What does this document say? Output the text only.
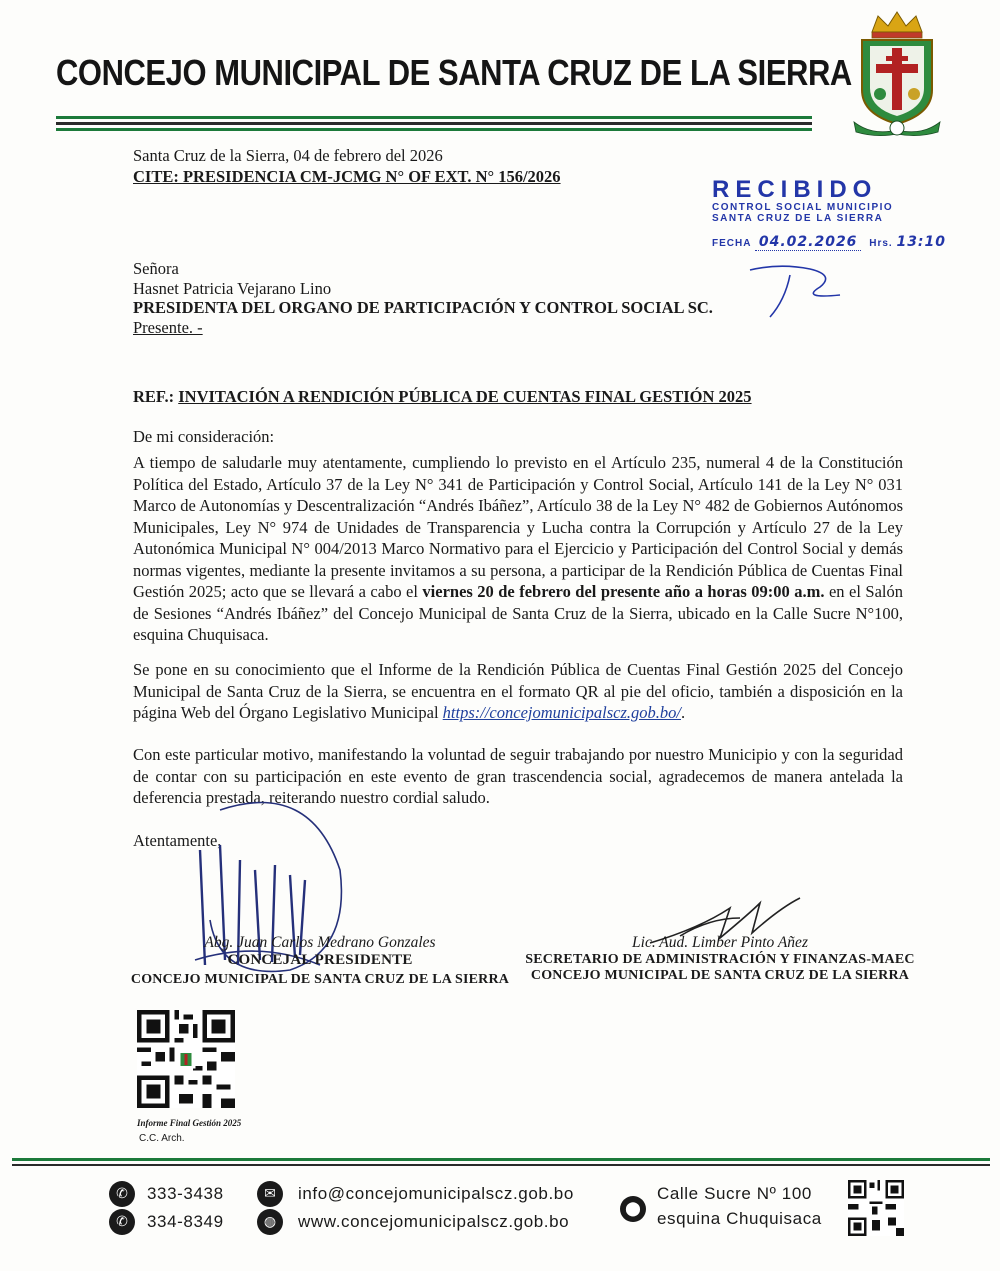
CONCEJO MUNICIPAL DE SANTA CRUZ DE LA SIERRA
Santa Cruz de la Sierra, 04 de febrero del 2026
CITE: PRESIDENCIA CM-JCMG N° OF EXT. N° 156/2026	RECIBIDO
CONTROL SOCIAL MUNICIPIO
SANTA CRUZ DE LA SIERRA
FECHA 04.02.2026 Hrs. 13:10
Señora
Hasnet Patricia Vejarano Lino
PRESIDENTA DEL ORGANO DE PARTICIPACIÓN Y CONTROL SOCIAL SC.
Presente. -
REF.: INVITACIÓN A RENDICIÓN PÚBLICA DE CUENTAS FINAL GESTIÓN 2025
De mi consideración:
A tiempo de saludarle muy atentamente, cumpliendo lo previsto en el Artículo 235, numeral 4 de la Constitución Política del Estado, Artículo 37 de la Ley N° 341 de Participación y Control Social, Artículo 141 de la Ley N° 031 Marco de Autonomías y Descentralización “Andrés Ibáñez”, Artículo 38 de la Ley N° 482 de Gobiernos Autónomos Municipales, Ley N° 974 de Unidades de Transparencia y Lucha contra la Corrupción y Artículo 27 de la Ley Autonómica Municipal N° 004/2013 Marco Normativo para el Ejercicio y Participación del Control Social y demás normas vigentes, mediante la presente invitamos a su persona, a participar de la Rendición Pública de Cuentas Final Gestión 2025; acto que se llevará a cabo el viernes 20 de febrero del presente año a horas 09:00 a.m. en el Salón de Sesiones “Andrés Ibáñez” del Concejo Municipal de Santa Cruz de la Sierra, ubicado en la Calle Sucre N°100, esquina Chuquisaca.
Se pone en su conocimiento que el Informe de la Rendición Pública de Cuentas Final Gestión 2025 del Concejo Municipal de Santa Cruz de la Sierra, se encuentra en el formato QR al pie del oficio, también a disposición en la página Web del Órgano Legislativo Municipal https://concejomunicipalscz.gob.bo/.
Con este particular motivo, manifestando la voluntad de seguir trabajando por nuestro Municipio y con la seguridad de contar con su participación en este evento de gran trascendencia social, agradecemos de manera antelada la deferencia prestada, reiterando nuestro cordial saludo.
Atentamente,
Abg. Juan Carlos Medrano Gonzales
CONCEJAL PRESIDENTE
CONCEJO MUNICIPAL DE SANTA CRUZ DE LA SIERRA
Lic. Aud. Limber Pinto Añez
SECRETARIO DE ADMINISTRACIÓN Y FINANZAS-MAEC
CONCEJO MUNICIPAL DE SANTA CRUZ DE LA SIERRA
Informe Final Gestión 2025
C.C. Arch.
✆	333-3438
✆	334-8349
✉	info@concejomunicipalscz.gob.bo
◍	www.concejomunicipalscz.gob.bo
⬤
Calle Sucre Nº 100
esquina Chuquisaca
